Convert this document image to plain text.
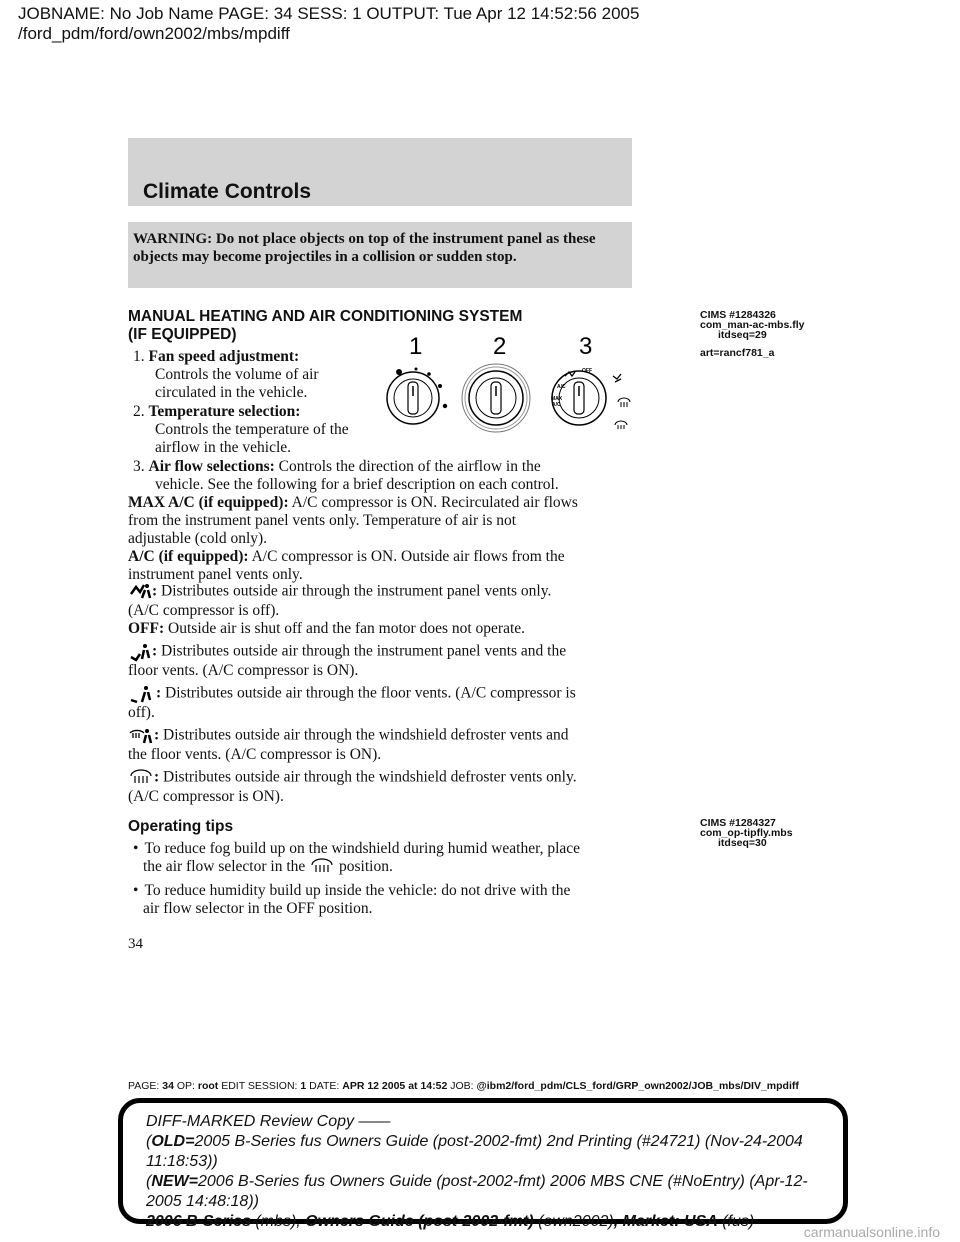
JOBNAME: No Job Name PAGE: 34 SESS: 1 OUTPUT: Tue Apr 12 14:52:56 2005
/ford_pdm/ford/own2002/mbs/mpdiff
Climate Controls
WARNING: Do not place objects on top of the instrument panel as these objects may become projectiles in a collision or sudden stop.
CIMS #1284326
com_man-ac-mbs.fly
itdseq=29
art=rancf781_a
MANUAL HEATING AND AIR CONDITIONING SYSTEM
(IF EQUIPPED)
1. Fan speed adjustment:
Controls the volume of air
circulated in the vehicle.
2. Temperature selection:
Controls the temperature of the
airflow in the vehicle.
3. Air flow selections: Controls the direction of the airflow in the
vehicle. See the following for a brief description on each control.
1	2	3
A/C
OFF
MAX
A/C
MAX A/C (if equipped): A/C compressor is ON. Recirculated air flows
from the instrument panel vents only. Temperature of air is not
adjustable (cold only).
A/C (if equipped): A/C compressor is ON. Outside air flows from the
instrument panel vents only.
: Distributes outside air through the instrument panel vents only.
(A/C compressor is off).
OFF: Outside air is shut off and the fan motor does not operate.
: Distributes outside air through the instrument panel vents and the
floor vents. (A/C compressor is ON).
: Distributes outside air through the floor vents. (A/C compressor is
off).
: Distributes outside air through the windshield defroster vents and
the floor vents. (A/C compressor is ON).
: Distributes outside air through the windshield defroster vents only.
(A/C compressor is ON).
CIMS #1284327
com_op-tipfly.mbs
itdseq=30
Operating tips
• To reduce fog build up on the windshield during humid weather, place
the air flow selector in the position.
• To reduce humidity build up inside the vehicle: do not drive with the
air flow selector in the OFF position.
34
PAGE: 34 OP: root EDIT SESSION: 1 DATE: APR 12 2005 at 14:52 JOB: @ibm2/ford_pdm/CLS_ford/GRP_own2002/JOB_mbs/DIV_mpdiff
DIFF-MARKED Review Copy ——
(OLD=2005 B-Series fus Owners Guide (post-2002-fmt) 2nd Printing (#24721) (Nov-24-2004 11:18:53))
(NEW=2006 B-Series fus Owners Guide (post-2002-fmt) 2006 MBS CNE (#NoEntry) (Apr-12-2005 14:48:18))
2006 B-Series (mbs), Owners Guide (post-2002-fmt) (own2002), Market: USA (fus)
carmanualsonline.info
